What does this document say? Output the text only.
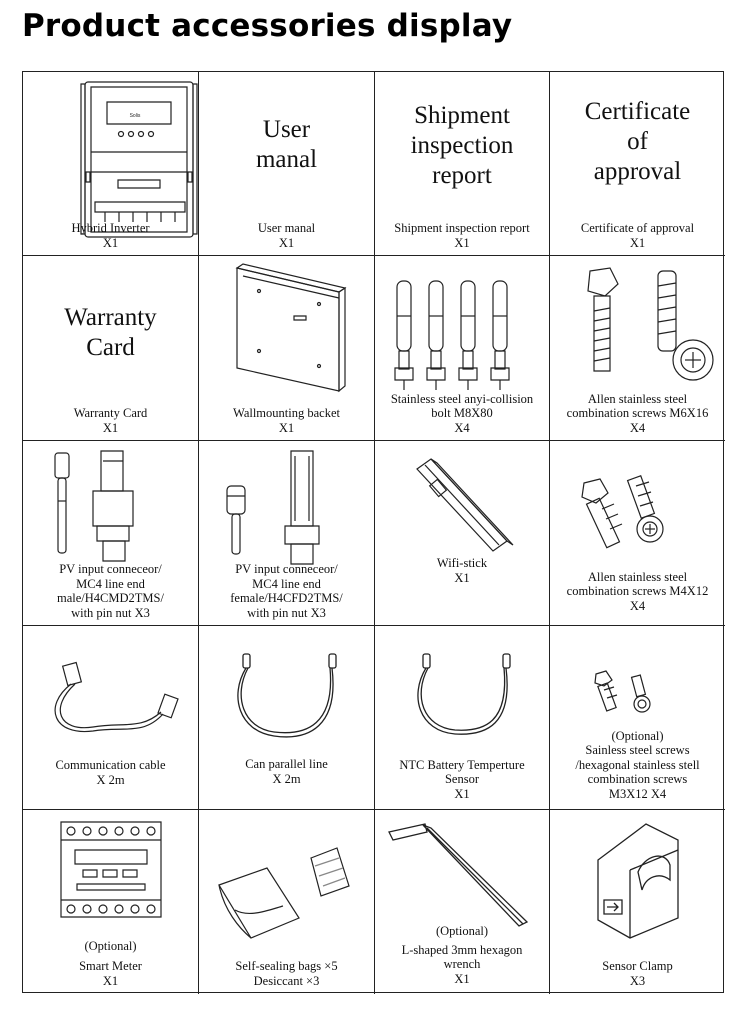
Product accessories display
Solis
Hybrid Inverter
X1
User
manal
User manal
X1
Shipment
inspection
report
Shipment inspection report
X1
Certificate
of
approval
Certificate of approval
X1
Warranty
Card
Warranty Card
X1
Wallmounting backet
X1
Stainless steel anyi-collision
bolt M8X80
X4
Allen stainless steel
combination screws M6X16
X4
PV input conneceor/
MC4 line end
male/H4CMD2TMS/
with pin nut X3
PV input conneceor/
MC4 line end
female/H4CFD2TMS/
with pin nut X3
Wifi-stick
X1	Allen stainless steel
combination screws M4X12
X4
Communication cable
X 2m
Can parallel line
X 2m
NTC Battery Temperture
Sensor
X1
(Optional)
Sainless steel screws
/hexagonal stainless stell
combination screws
M3X12 X4
(Optional)
Smart Meter
X1
Self-sealing bags ×5
Desiccant ×3
(Optional)
L-shaped 3mm hexagon
wrench
X1
Sensor Clamp
X3
